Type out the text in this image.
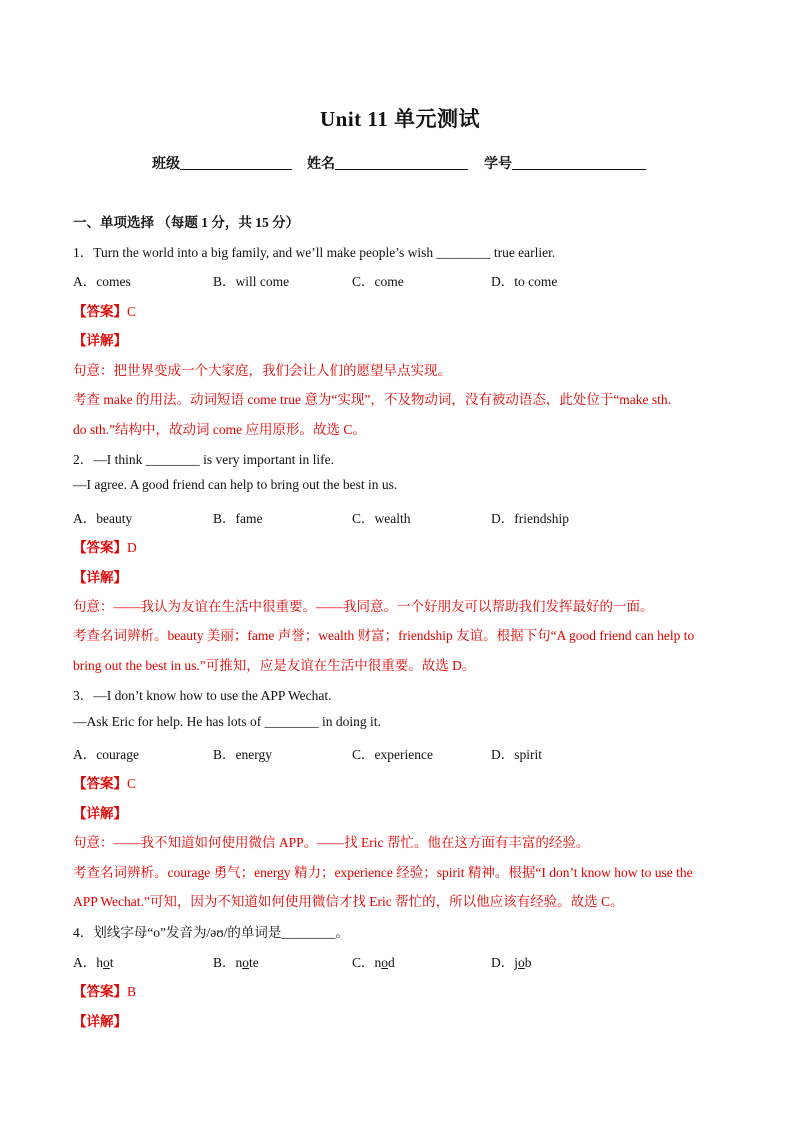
Unit 11 单元测试
班级	姓名	学号
一、单项选择 （每题 1 分，共 15 分）
1．Turn the world into a big family, and we’ll make people’s wish ________ true earlier.
A．comes	B．will come	C．come	D．to come
【答案】C
【详解】
句意：把世界变成一个大家庭，我们会让人们的愿望早点实现。
考查 make 的用法。动词短语 come true 意为“实现”，不及物动词，没有被动语态，此处位于“make sth.
do sth.”结构中，故动词 come 应用原形。故选 C。
2．—I think ________ is very important in life.
—I agree. A good friend can help to bring out the best in us.
A．beauty	B．fame	C．wealth	D．friendship
【答案】D
【详解】
句意：——我认为友谊在生活中很重要。——我同意。一个好朋友可以帮助我们发挥最好的一面。
考查名词辨析。beauty 美丽；fame 声誉；wealth 财富；friendship 友谊。根据下句“A good friend can help to
bring out the best in us.”可推知，应是友谊在生活中很重要。故选 D。
3．—I don’t know how to use the APP Wechat.
—Ask Eric for help. He has lots of ________ in doing it.
A．courage	B．energy	C．experience	D．spirit
【答案】C
【详解】
句意：——我不知道如何使用微信 APP。——找 Eric 帮忙。他在这方面有丰富的经验。
考查名词辨析。courage 勇气；energy 精力；experience 经验；spirit 精神。根据“I don’t know how to use the
APP Wechat.”可知，因为不知道如何使用微信才找 Eric 帮忙的，所以他应该有经验。故选 C。
4．划线字母“o”发音为/əʊ/的单词是________。
A．hot	B．note	C．nod	D．job
【答案】B
【详解】
